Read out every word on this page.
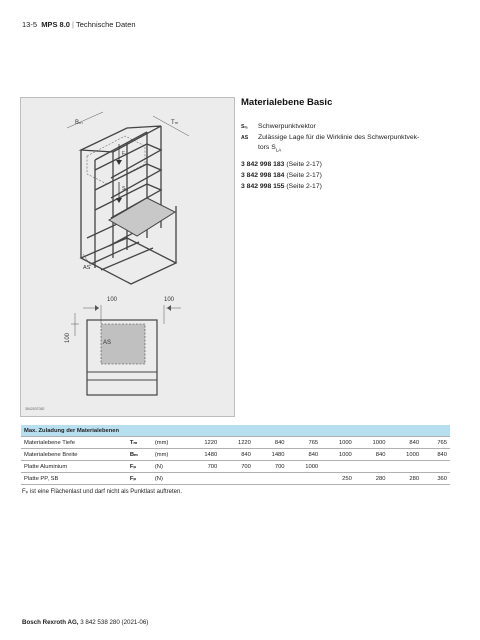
13-5 MPS 8.0 | Technische Daten
Bₘ	Tₘ
Fₚ
Sₗₐ
AS
100	100
100	AS
3842537082
Materialebene Basic
Sₗₐ	Schwerpunktvektor
AS	Zulässige Lage für die Wirklinie des Schwerpunktvek-
tors $S_{LA}$
3 842 998 183 (Seite 2-17)
3 842 998 184 (Seite 2-17)
3 842 998 155 (Seite 2-17)
Max. Zuladung der Materialebenen										
Materialebene Tiefe	Tₘ	(mm)	1220	1220	840	765	1000	1000	840	765
Materialebene Breite	Bₘ	(mm)	1480	840	1480	840	1000	840	1000	840
Platte Aluminium	Fₚ	(N)	700	700	700	1000				
Platte PP, SB	Fₚ	(N)					250	280	280	360
Fₚ ist eine Flächenlast und darf nicht als Punktlast auftreten.
Bosch Rexroth AG, 3 842 538 280 (2021-06)
